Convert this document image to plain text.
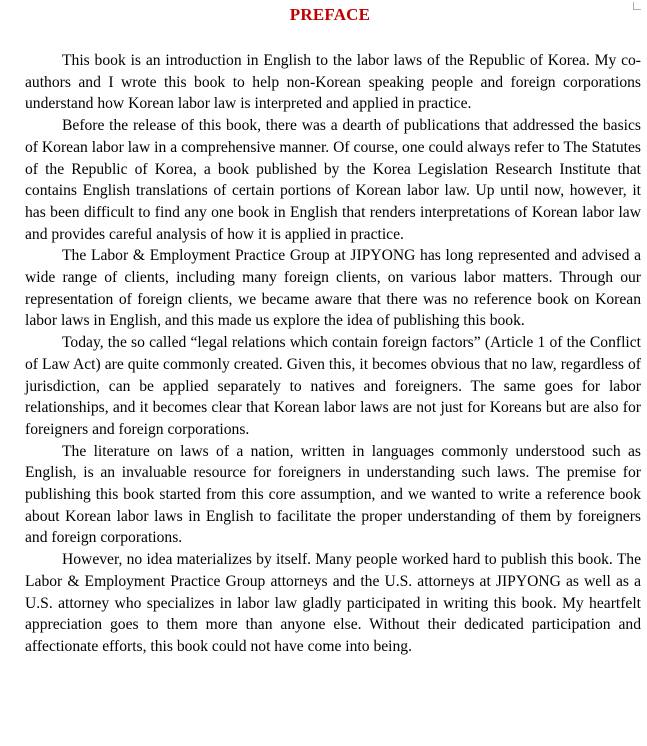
PREFACE

This book is an introduction in English to the labor laws of the Republic of Korea. My co-authors and I wrote this book to help non-Korean speaking people and foreign corporations understand how Korean labor law is interpreted and applied in practice.

Before the release of this book, there was a dearth of publications that addressed the basics of Korean labor law in a comprehensive manner. Of course, one could always refer to The Statutes of the Republic of Korea, a book published by the Korea Legislation Research Institute that contains English translations of certain portions of Korean labor law. Up until now, however, it has been difficult to find any one book in English that renders interpretations of Korean labor law and provides careful analysis of how it is applied in practice.

The Labor & Employment Practice Group at JIPYONG has long represented and advised a wide range of clients, including many foreign clients, on various labor matters. Through our representation of foreign clients, we became aware that there was no reference book on Korean labor laws in English, and this made us explore the idea of publishing this book.

Today, the so called “legal relations which contain foreign factors” (Article 1 of the Conflict of Law Act) are quite commonly created. Given this, it becomes obvious that no law, regardless of jurisdiction, can be applied separately to natives and foreigners. The same goes for labor relationships, and it becomes clear that Korean labor laws are not just for Koreans but are also for foreigners and foreign corporations.

The literature on laws of a nation, written in languages commonly understood such as English, is an invaluable resource for foreigners in understanding such laws. The premise for publishing this book started from this core assumption, and we wanted to write a reference book about Korean labor laws in English to facilitate the proper understanding of them by foreigners and foreign corporations.

However, no idea materializes by itself. Many people worked hard to publish this book. The Labor & Employment Practice Group attorneys and the U.S. attorneys at JIPYONG as well as a U.S. attorney who specializes in labor law gladly participated in writing this book. My heartfelt appreciation goes to them more than anyone else. Without their dedicated participation and affectionate efforts, this book could not have come into being.
